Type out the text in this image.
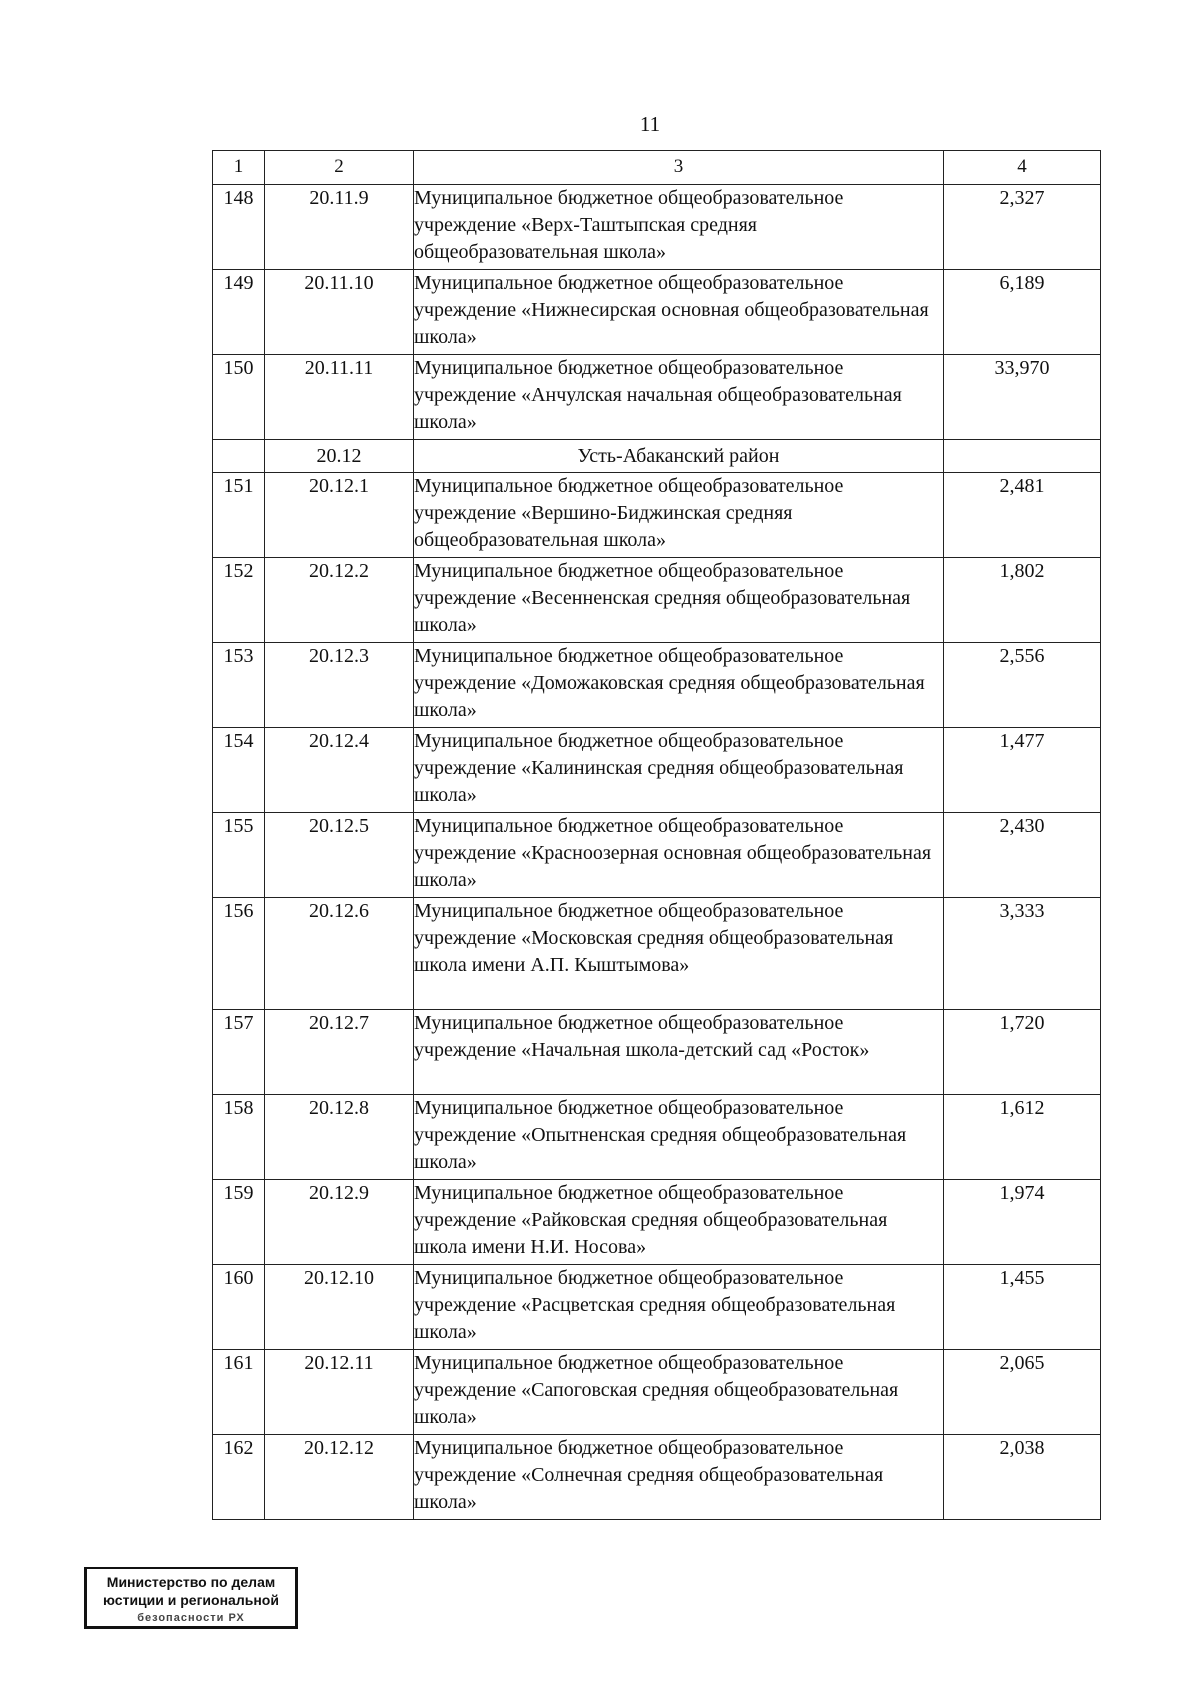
11
1	2	3	4
148	20.11.9	Муниципальное бюджетное общеобразовательное учреждение «Верх-Таштыпская средняя общеобразовательная школа»	2,327
149	20.11.10	Муниципальное бюджетное общеобразовательное учреждение «Нижнесирская основная общеобразовательная школа»	6,189
150	20.11.11	Муниципальное бюджетное общеобразовательное учреждение «Анчулская начальная общеобразовательная школа»	33,970
	20.12	Усть-Абаканский район	
151	20.12.1	Муниципальное бюджетное общеобразовательное учреждение «Вершино-Биджинская средняя общеобразовательная школа»	2,481
152	20.12.2	Муниципальное бюджетное общеобразовательное учреждение «Весенненская средняя общеобразовательная школа»	1,802
153	20.12.3	Муниципальное бюджетное общеобразовательное учреждение «Доможаковская средняя общеобразовательная школа»	2,556
154	20.12.4	Муниципальное бюджетное общеобразовательное учреждение «Калининская средняя общеобразовательная школа»	1,477
155	20.12.5	Муниципальное бюджетное общеобразовательное учреждение «Красноозерная основная общеобразовательная школа»	2,430
156	20.12.6	Муниципальное бюджетное общеобразовательное учреждение «Московская средняя общеобразовательная школа имени А.П. Кыштымова»	3,333
157	20.12.7	Муниципальное бюджетное общеобразовательное учреждение «Начальная школа-детский сад «Росток»	1,720
158	20.12.8	Муниципальное бюджетное общеобразовательное учреждение «Опытненская средняя общеобразовательная школа»	1,612
159	20.12.9	Муниципальное бюджетное общеобразовательное учреждение «Райковская средняя общеобразовательная школа имени Н.И. Носова»	1,974
160	20.12.10	Муниципальное бюджетное общеобразовательное учреждение «Расцветская средняя общеобразовательная школа»	1,455
161	20.12.11	Муниципальное бюджетное общеобразовательное учреждение «Сапоговская средняя общеобразовательная школа»	2,065
162	20.12.12	Муниципальное бюджетное общеобразовательное учреждение «Солнечная средняя общеобразовательная школа»	2,038
Министерство по делам
юстиции и региональной
безопасности РХ
